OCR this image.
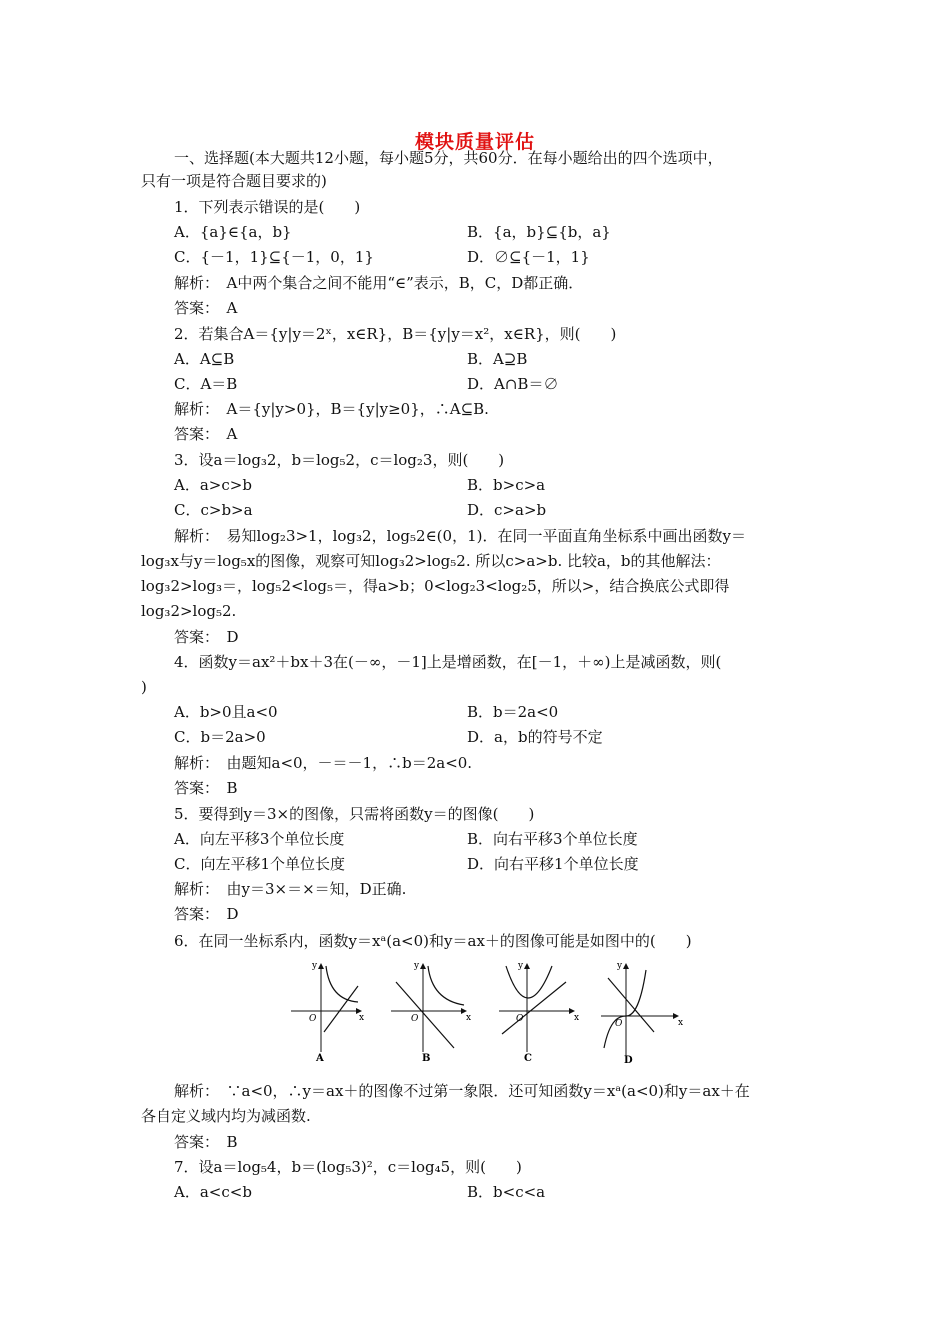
模块质量评估
一、选择题(本大题共12小题，每小题5分，共60分．在每小题给出的四个选项中，
只有一项是符合题目要求的)
1．下列表示错误的是(　　)
A．{a}∈{a，b}	B．{a，b}⊆{b，a}
C．{－1，1}⊆{－1，0，1}	D．∅⊆{－1，1}
解析：　A中两个集合之间不能用“∈”表示，B，C，D都正确．
答案：　A
2．若集合A＝{y|y＝2ˣ，x∈R}，B＝{y|y＝x²，x∈R}，则(　　)
A．A⊆B	B．A⊇B
C．A＝B	D．A∩B＝∅
解析：　A＝{y|y>0}，B＝{y|y≥0}，∴A⊆B.
答案：　A
3．设a＝log₃2，b＝log₅2，c＝log₂3，则(　　)
A．a>c>b	B．b>c>a
C．c>b>a	D．c>a>b
解析：　易知log₂3>1，log₃2，log₅2∈(0，1)．在同一平面直角坐标系中画出函数y＝
log₃x与y＝log₅x的图像，观察可知log₃2>log₅2. 所以c>a>b. 比较a，b的其他解法：
log₃2>log₃＝，log₅2<log₅＝，得a>b；0<log₂3<log₂5，所以>，结合换底公式即得
log₃2>log₅2.
答案：　D
4．函数y＝ax²＋bx＋3在(－∞，－1]上是增函数，在[－1，＋∞)上是减函数，则(
)
A．b>0且a<0	B．b＝2a<0
C．b＝2a>0	D．a，b的符号不定
解析：　由题知a<0，－＝－1，∴b＝2a<0.
答案：　B
5．要得到y＝3×的图像，只需将函数y＝的图像(　　)
A．向左平移3个单位长度	B．向右平移3个单位长度
C．向左平移1个单位长度	D．向右平移1个单位长度
解析：　由y＝3×＝×＝知，D正确.
答案：　D
6．在同一坐标系内，函数y＝xᵃ(a<0)和y＝ax＋的图像可能是如图中的(　　)
解析：　∵a<0，∴y＝ax＋的图像不过第一象限．还可知函数y＝xᵃ(a<0)和y＝ax＋在
各自定义域内均为减函数.
答案：　B
7．设a＝log₅4，b＝(log₅3)²，c＝log₄5，则(　　)
A．a<c<b	B．b<c<a
y
x
O
A
y
x
O
B
y
x
O
C
y
x
O
D
